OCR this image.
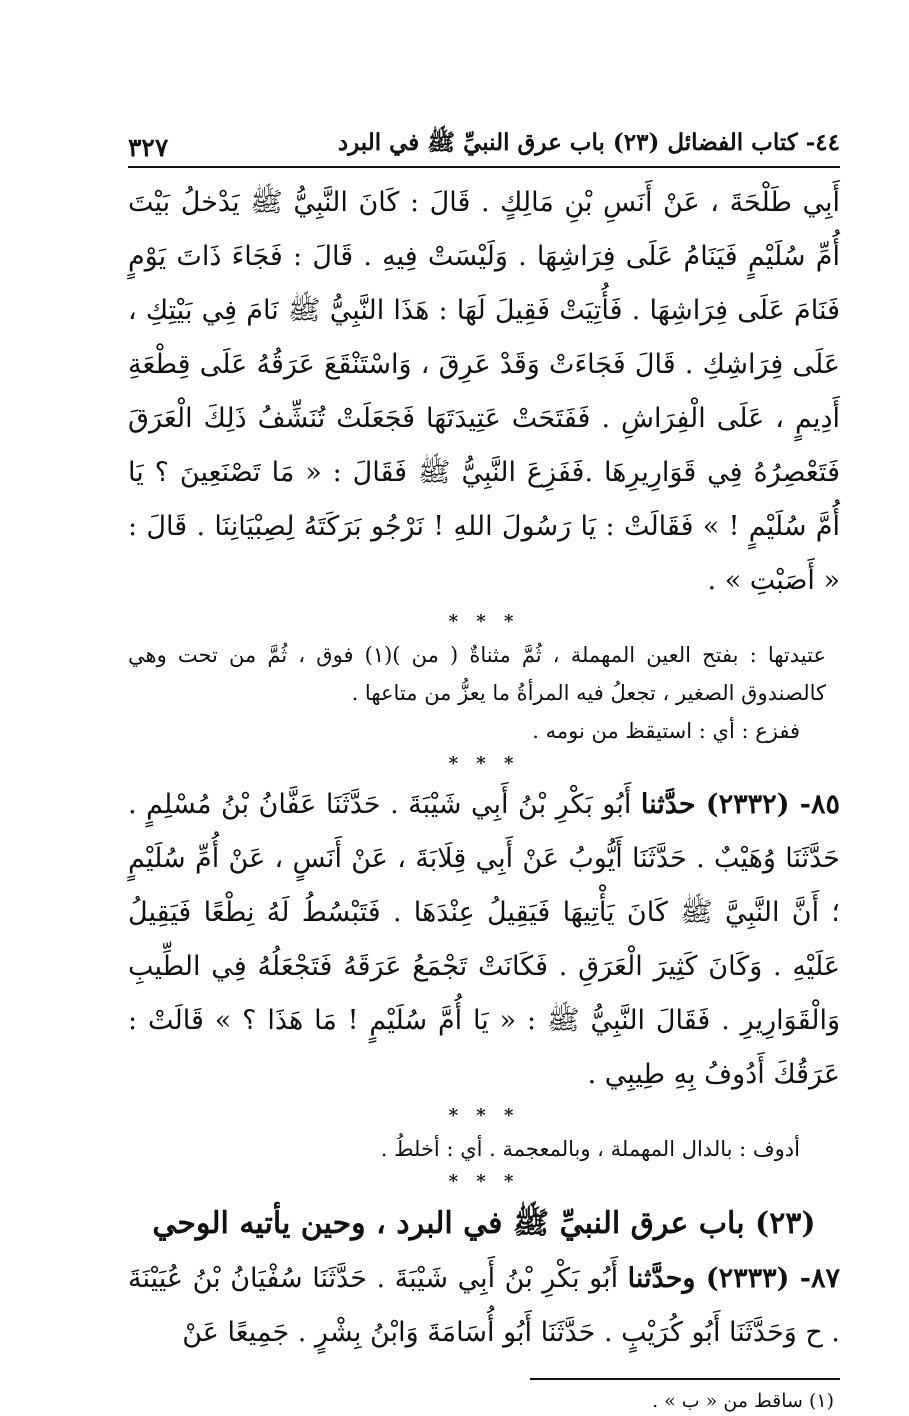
٤٤- كتاب الفضائل (٢٣) باب عرق النبيِّ ﷺ في البرد
٣٢٧

أَبِي طَلْحَةَ ، عَنْ أَنَسِ بْنِ مَالِكٍ . قَالَ : كَانَ النَّبِيُّ ﷺ يَدْخلُ بَيْتَ أُمِّ سُلَيْمٍ فَيَنَامُ عَلَى فِرَاشِهَا . وَلَيْسَتْ فِيهِ . قَالَ : فَجَاءَ ذَاتَ يَوْمٍ فَنَامَ عَلَى فِرَاشِهَا . فَأُتِيَتْ فَقِيلَ لَهَا : هَذَا النَّبِيُّ ﷺ نَامَ فِي بَيْتِكِ ، عَلَى فِرَاشِكِ . قَالَ فَجَاءَتْ وَقَدْ عَرِقَ ، وَاسْتَنْقَعَ عَرَقُهُ عَلَى قِطْعَةِ أَدِيمٍ ، عَلَى الْفِرَاشِ . فَفَتَحَتْ عَتِيدَتَهَا فَجَعَلَتْ تُنَشِّفُ ذَلِكَ الْعَرَقَ فَتَعْصِرُهُ فِي قَوَارِيرِهَا .فَفَزِعَ النَّبِيُّ ﷺ فَقَالَ : « مَا تَصْنَعِينَ ؟ يَا أُمَّ سُلَيْمٍ ! » فَقَالَتْ : يَا رَسُولَ اللهِ ! نَرْجُو بَرَكَتَهُ لِصِبْيَانِنَا . قَالَ : « أَصَبْتِ » .

* * *

عتيدتها : بفتح العين المهملة ، ثُمَّ مثناةٌ ( من )(١) فوق ، ثُمَّ من تحت وهي كالصندوق الصغير ، تجعلُ فيه المرأةُ ما يعزُّ من متاعها .

ففزع : أي : استيقظ من نومه .

* * *

٨٥- (٢٣٣٢) حدَّثنا أَبُو بَكْرِ بْنُ أَبِي شَيْبَةَ . حَدَّثَنَا عَفَّانُ بْنُ مُسْلِمٍ . حَدَّثَنَا وُهَيْبٌ . حَدَّثَنَا أَيُّوبُ عَنْ أَبِي قِلَابَةَ ، عَنْ أَنَسٍ ، عَنْ أُمِّ سُلَيْمٍ ؛ أَنَّ النَّبِيَّ ﷺ كَانَ يَأْتِيهَا فَيَقِيلُ عِنْدَهَا . فَتَبْسُطُ لَهُ نِطْعًا فَيَقِيلُ عَلَيْهِ . وَكَانَ كَثِيرَ الْعَرَقِ . فَكَانَتْ تَجْمَعُ عَرَقَهُ فَتَجْعَلُهُ فِي الطِّيبِ وَالْقَوَارِيرِ . فَقَالَ النَّبِيُّ ﷺ : « يَا أُمَّ سُلَيْمٍ ! مَا هَذَا ؟ » قَالَتْ : عَرَقُكَ أَدُوفُ بِهِ طِيبِي .

* * *

أدوف : بالدال المهملة ، وبالمعجمة . أي : أخلطُ .

* * *

(٢٣) باب عرق النبيِّ ﷺ في البرد ، وحين يأتيه الوحي

٨٧- (٢٣٣٣) وحدَّثنا أَبُو بَكْرِ بْنُ أَبِي شَيْبَةَ . حَدَّثَنَا سُفْيَانُ بْنُ عُيَيْنَةَ . ح وَحَدَّثَنَا أَبُو كُرَيْبٍ . حَدَّثَنَا أَبُو أُسَامَةَ وَابْنُ بِشْرٍ . جَمِيعًا عَنْ

(١) ساقط من « ب » .
